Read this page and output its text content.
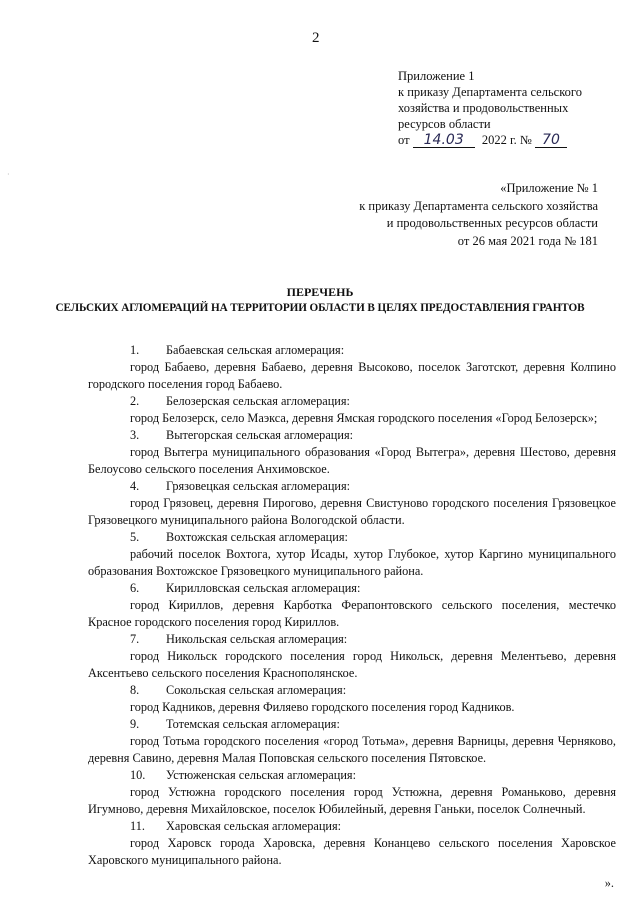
2
·
Приложение 1
к приказу Департамента сельского
хозяйства и продовольственных
ресурсов области
от 14.03 2022 г. № 70
«Приложение № 1
к приказу Департамента сельского хозяйства
и продовольственных ресурсов области
от 26 мая 2021 года № 181
ПЕРЕЧЕНЬ
СЕЛЬСКИХ АГЛОМЕРАЦИЙ НА ТЕРРИТОРИИ ОБЛАСТИ В ЦЕЛЯХ ПРЕДОСТАВЛЕНИЯ ГРАНТОВ
1. Бабаевская сельская агломерация:
город Бабаево, деревня Бабаево, деревня Высоково, поселок Заготскот, деревня Колпино городского поселения город Бабаево.
2. Белозерская сельская агломерация:
город Белозерск, село Маэкса, деревня Ямская городского поселения «Город Белозерск»;
3. Вытегорская сельская агломерация:
город Вытегра муниципального образования «Город Вытегра», деревня Шестово, деревня Белоусово сельского поселения Анхимовское.
4. Грязовецкая сельская агломерация:
город Грязовец, деревня Пирогово, деревня Свистуново городского поселения Грязовецкое Грязовецкого муниципального района Вологодской области.
5. Вохтожская сельская агломерация:
рабочий поселок Вохтога, хутор Исады, хутор Глубокое, хутор Каргино муниципального образования Вохтожское Грязовецкого муниципального района.
6. Кирилловская сельская агломерация:
город Кириллов, деревня Карботка Ферапонтовского сельского поселения, местечко Красное городского поселения город Кириллов.
7. Никольская сельская агломерация:
город Никольск городского поселения город Никольск, деревня Мелентьево, деревня Аксентьево сельского поселения Краснополянское.
8. Сокольская сельская агломерация:
город Кадников, деревня Филяево городского поселения город Кадников.
9. Тотемская сельская агломерация:
город Тотьма городского поселения «город Тотьма», деревня Варницы, деревня Черняково, деревня Савино, деревня Малая Поповская сельского поселения Пятовское.
10. Устюженская сельская агломерация:
город Устюжна городского поселения город Устюжна, деревня Романьково, деревня Игумново, деревня Михайловское, поселок Юбилейный, деревня Ганьки, поселок Солнечный.
11. Харовская сельская агломерация:
город Харовск города Харовска, деревня Конанцево сельского поселения Харовское Харовского муниципального района.
».
